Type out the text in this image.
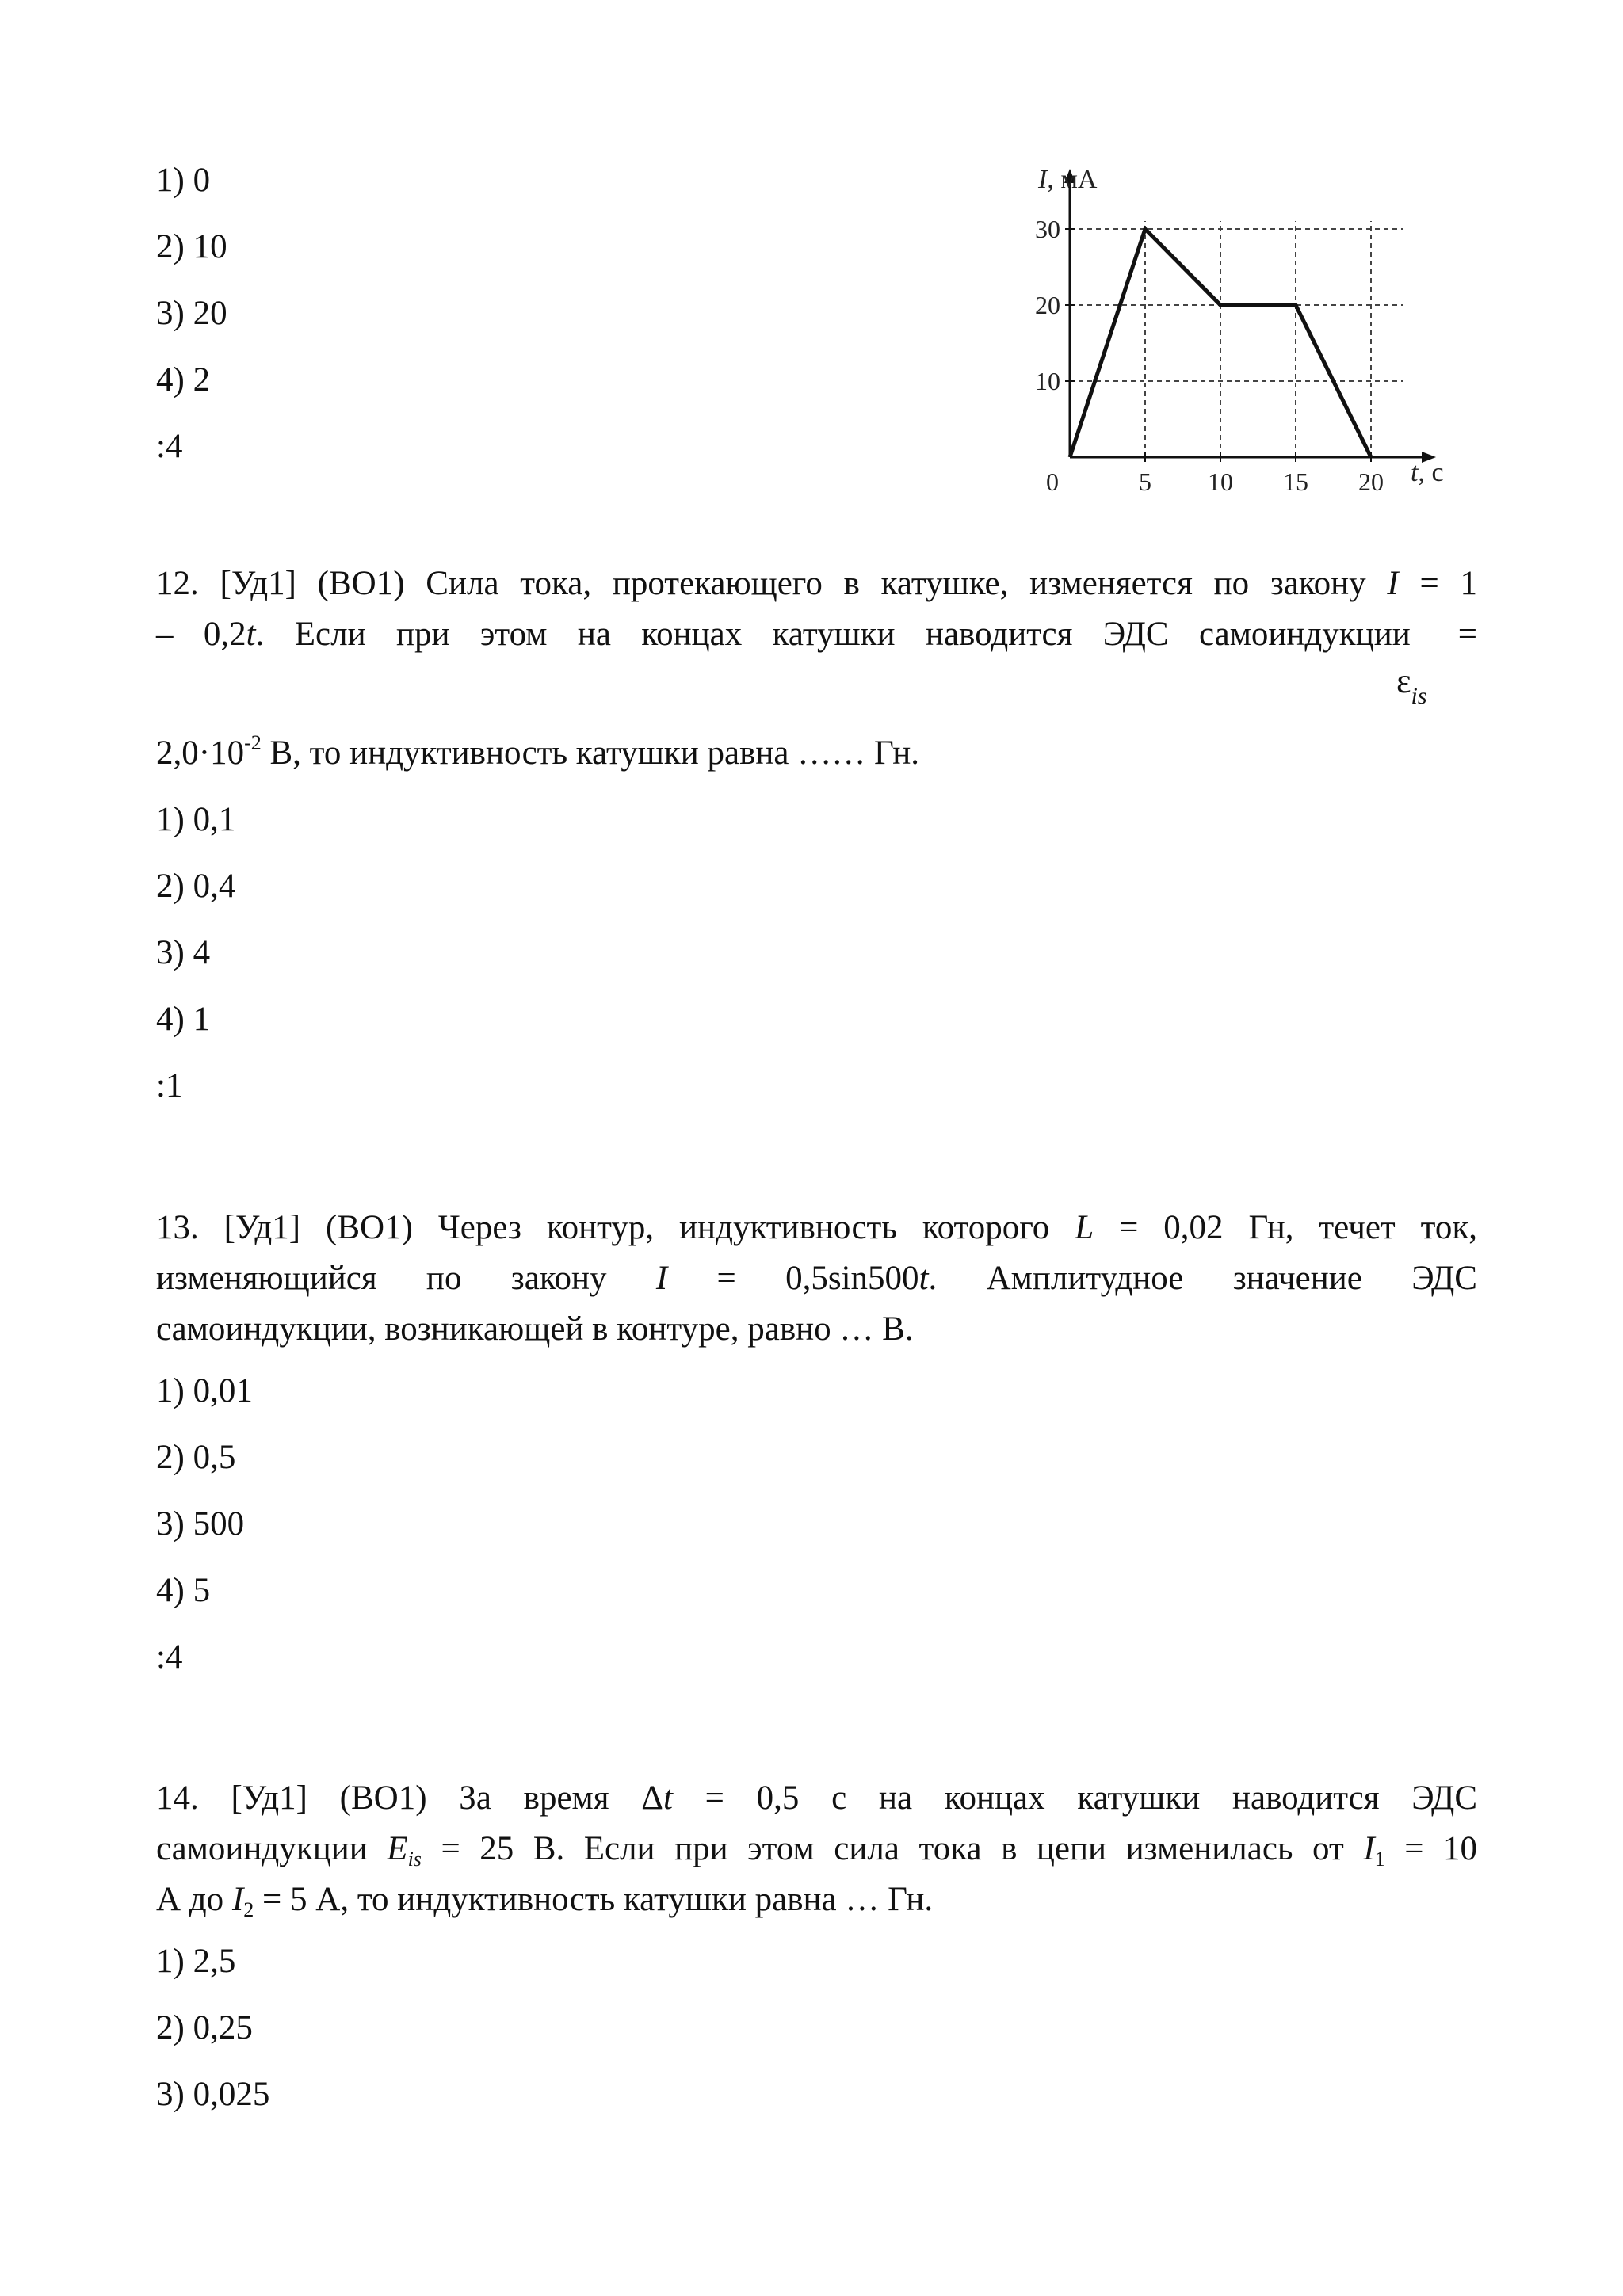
1) 0
2) 10
3) 20
4) 2
:4
0	5 10 15 20
10
20
30
I, мА
t, с
12. [Уд1] (ВО1) Сила тока, протекающего в катушке, изменяется по закону I = 1
– 0,2t. Если при этом на концах катушки наводится ЭДС самоиндукции =
$\varepsilon_{is}$
$2,0\cdot 10^{-2}$ В, то индуктивность катушки равна …… Гн.
1) 0,1
2) 0,4
3) 4
4) 1
:1
13. [Уд1] (ВО1) Через контур, индуктивность которого L = 0,02 Гн, течет ток,
изменяющийся по закону I = 0,5sin500t. Амплитудное значение ЭДС
самоиндукции, возникающей в контуре, равно … В.
1) 0,01
2) 0,5
3) 500
4) 5
:4
14. [Уд1] (ВО1) За время Δt = 0,5 с на концах катушки наводится ЭДС
самоиндукции $E_{is} = 25$ В. Если при этом сила тока в цепи изменилась от $I_1 = 10$
А до $I_2 = 5$ А, то индуктивность катушки равна … Гн.
1) 2,5
2) 0,25
3) 0,025
